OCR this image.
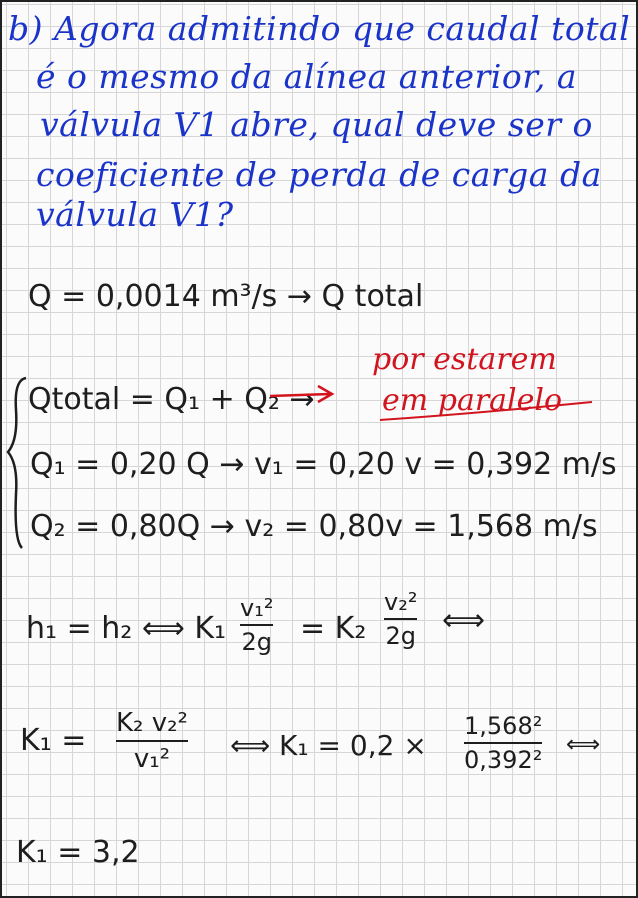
b) Agora admitindo que caudal total
é o mesmo da alínea anterior, a
válvula V1 abre, qual deve ser o
coeficiente de perda de carga da
válvula V1?
Q = 0,0014 m³/s → Q total
Qtotal = Q₁ + Q₂ →
por estarem
em paralelo
Q₁ = 0,20 Q → v₁ = 0,20 v = 0,392 m/s
Q₂ = 0,80Q → v₂ = 0,80v = 1,568 m/s
h₁ = h₂ ⟺ K₁
v₁²
2g = K₂
v₂²
2g ⟺
K₁ = K₂ v₂²
v₁² ⟺ K₁ = 0,2 ×
1,568²
0,392²
⟺
K₁ = 3,2
